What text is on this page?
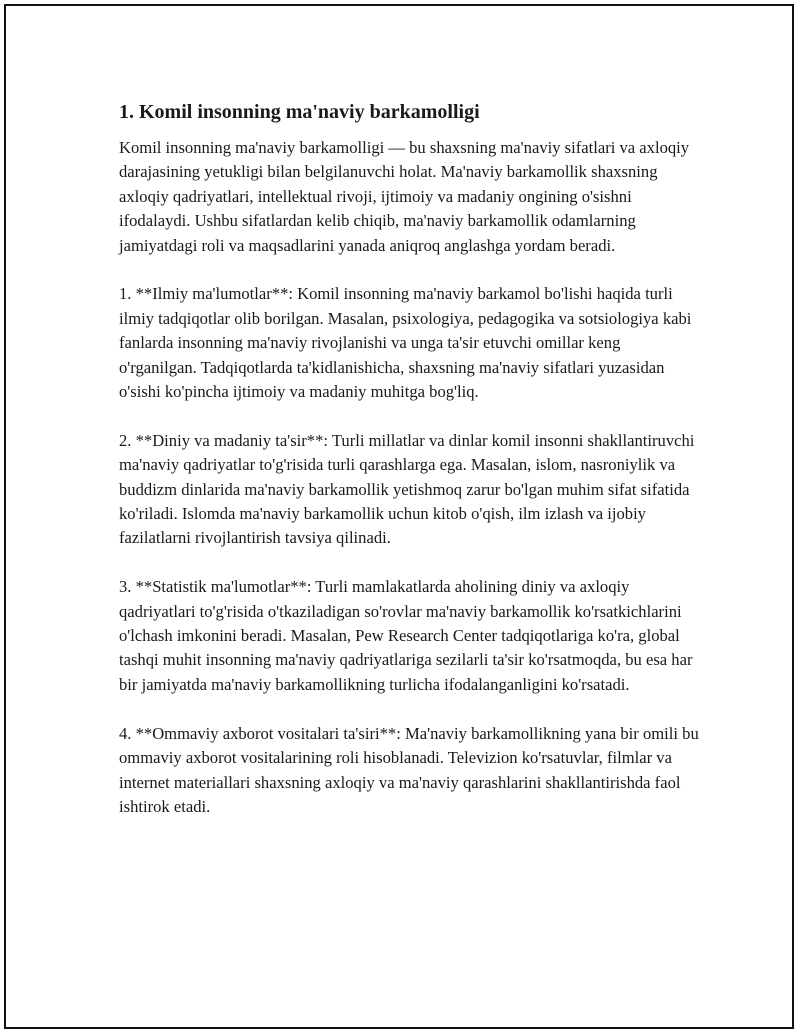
1. Komil insonning ma'naviy barkamolligi

Komil insonning ma'naviy barkamolligi — bu shaxsning ma'naviy sifatlari va axloqiy darajasining yetukligi bilan belgilanuvchi holat. Ma'naviy barkamollik shaxsning axloqiy qadriyatlari, intellektual rivoji, ijtimoiy va madaniy ongining o'sishni ifodalaydi. Ushbu sifatlardan kelib chiqib, ma'naviy barkamollik odamlarning jamiyatdagi roli va maqsadlarini yanada aniqroq anglashga yordam beradi.

1. **Ilmiy ma'lumotlar**: Komil insonning ma'naviy barkamol bo'lishi haqida turli ilmiy tadqiqotlar olib borilgan. Masalan, psixologiya, pedagogika va sotsiologiya kabi fanlarda insonning ma'naviy rivojlanishi va unga ta'sir etuvchi omillar keng o'rganilgan. Tadqiqotlarda ta'kidlanishicha, shaxsning ma'naviy sifatlari yuzasidan o'sishi ko'pincha ijtimoiy va madaniy muhitga bog'liq.

2. **Diniy va madaniy ta'sir**: Turli millatlar va dinlar komil insonni shakllantiruvchi ma'naviy qadriyatlar to'g'risida turli qarashlarga ega. Masalan, islom, nasroniylik va buddizm dinlarida ma'naviy barkamollik yetishmoq zarur bo'lgan muhim sifat sifatida ko'riladi. Islomda ma'naviy barkamollik uchun kitob o'qish, ilm izlash va ijobiy fazilatlarni rivojlantirish tavsiya qilinadi.

3. **Statistik ma'lumotlar**: Turli mamlakatlarda aholining diniy va axloqiy qadriyatlari to'g'risida o'tkaziladigan so'rovlar ma'naviy barkamollik ko'rsatkichlarini o'lchash imkonini beradi. Masalan, Pew Research Center tadqiqotlariga ko'ra, global tashqi muhit insonning ma'naviy qadriyatlariga sezilarli ta'sir ko'rsatmoqda, bu esa har bir jamiyatda ma'naviy barkamollikning turlicha ifodalanganligini ko'rsatadi.

4. **Ommaviy axborot vositalari ta'siri**: Ma'naviy barkamollikning yana bir omili bu ommaviy axborot vositalarining roli hisoblanadi. Televizion ko'rsatuvlar, filmlar va internet materiallari shaxsning axloqiy va ma'naviy qarashlarini shakllantirishda faol ishtirok etadi.
